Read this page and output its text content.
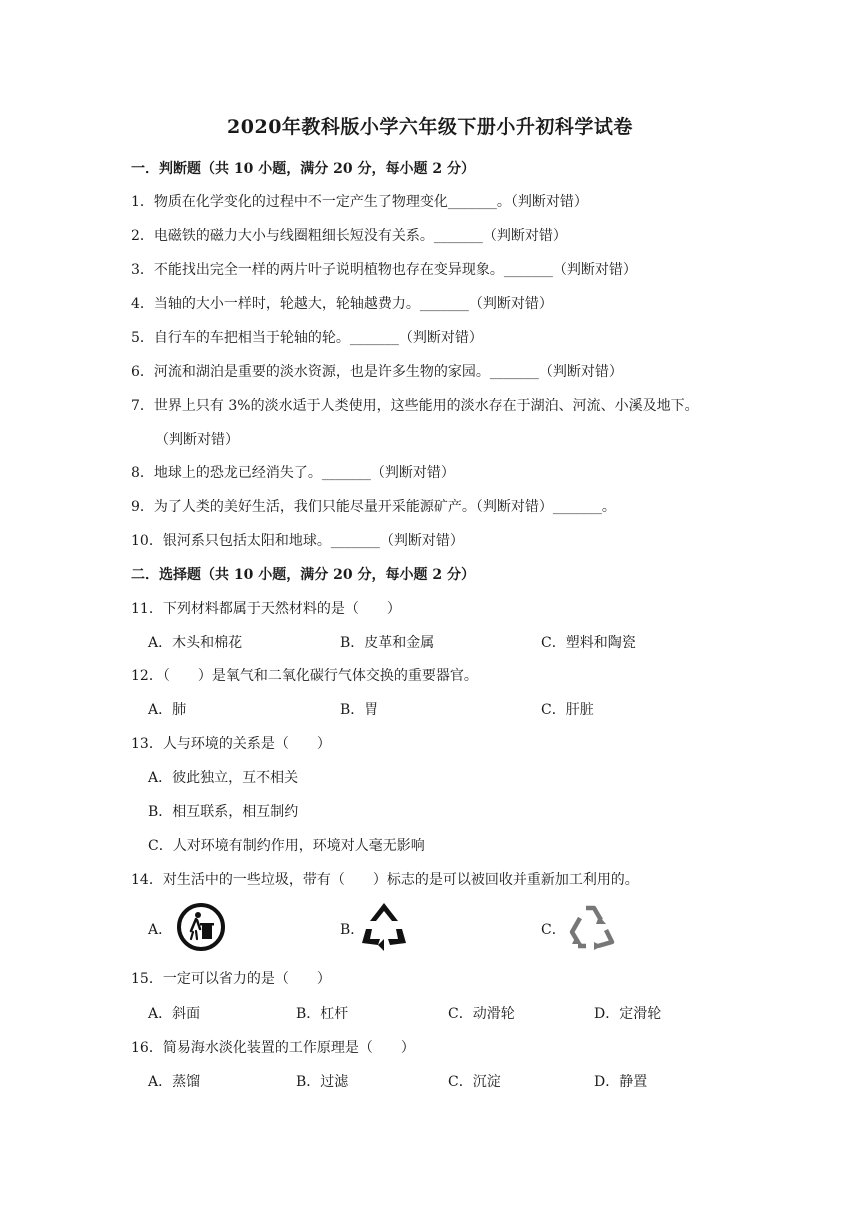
2020年教科版小学六年级下册小升初科学试卷
一．判断题（共 10 小题，满分 20 分，每小题 2 分）
1．物质在化学变化的过程中不一定产生了物理变化_______。（判断对错）
2．电磁铁的磁力大小与线圈粗细长短没有关系。_______（判断对错）
3．不能找出完全一样的两片叶子说明植物也存在变异现象。_______（判断对错）
4．当轴的大小一样时，轮越大，轮轴越费力。_______（判断对错）
5．自行车的车把相当于轮轴的轮。_______（判断对错）
6．河流和湖泊是重要的淡水资源，也是许多生物的家园。_______（判断对错）
7．世界上只有 3%的淡水适于人类使用，这些能用的淡水存在于湖泊、河流、小溪及地下。
（判断对错）
8．地球上的恐龙已经消失了。_______（判断对错）
9．为了人类的美好生活，我们只能尽量开采能源矿产。（判断对错）_______。
10．银河系只包括太阳和地球。_______（判断对错）
二．选择题（共 10 小题，满分 20 分，每小题 2 分）
11．下列材料都属于天然材料的是（　　）
A．木头和棉花	B．皮革和金属	C．塑料和陶瓷
12．（　　）是氧气和二氧化碳行气体交换的重要器官。
A．肺	B．胃	C．肝脏
13．人与环境的关系是（　　）
A．彼此独立，互不相关
B．相互联系，相互制约
C．人对环境有制约作用，环境对人毫无影响
14．对生活中的一些垃圾，带有（　　）标志的是可以被回收并重新加工利用的。
A．	B．	C．
15．一定可以省力的是（　　）
A．斜面	B．杠杆	C．动滑轮	D．定滑轮
16．简易海水淡化装置的工作原理是（　　）
A．蒸馏	B．过滤	C．沉淀	D．静置
